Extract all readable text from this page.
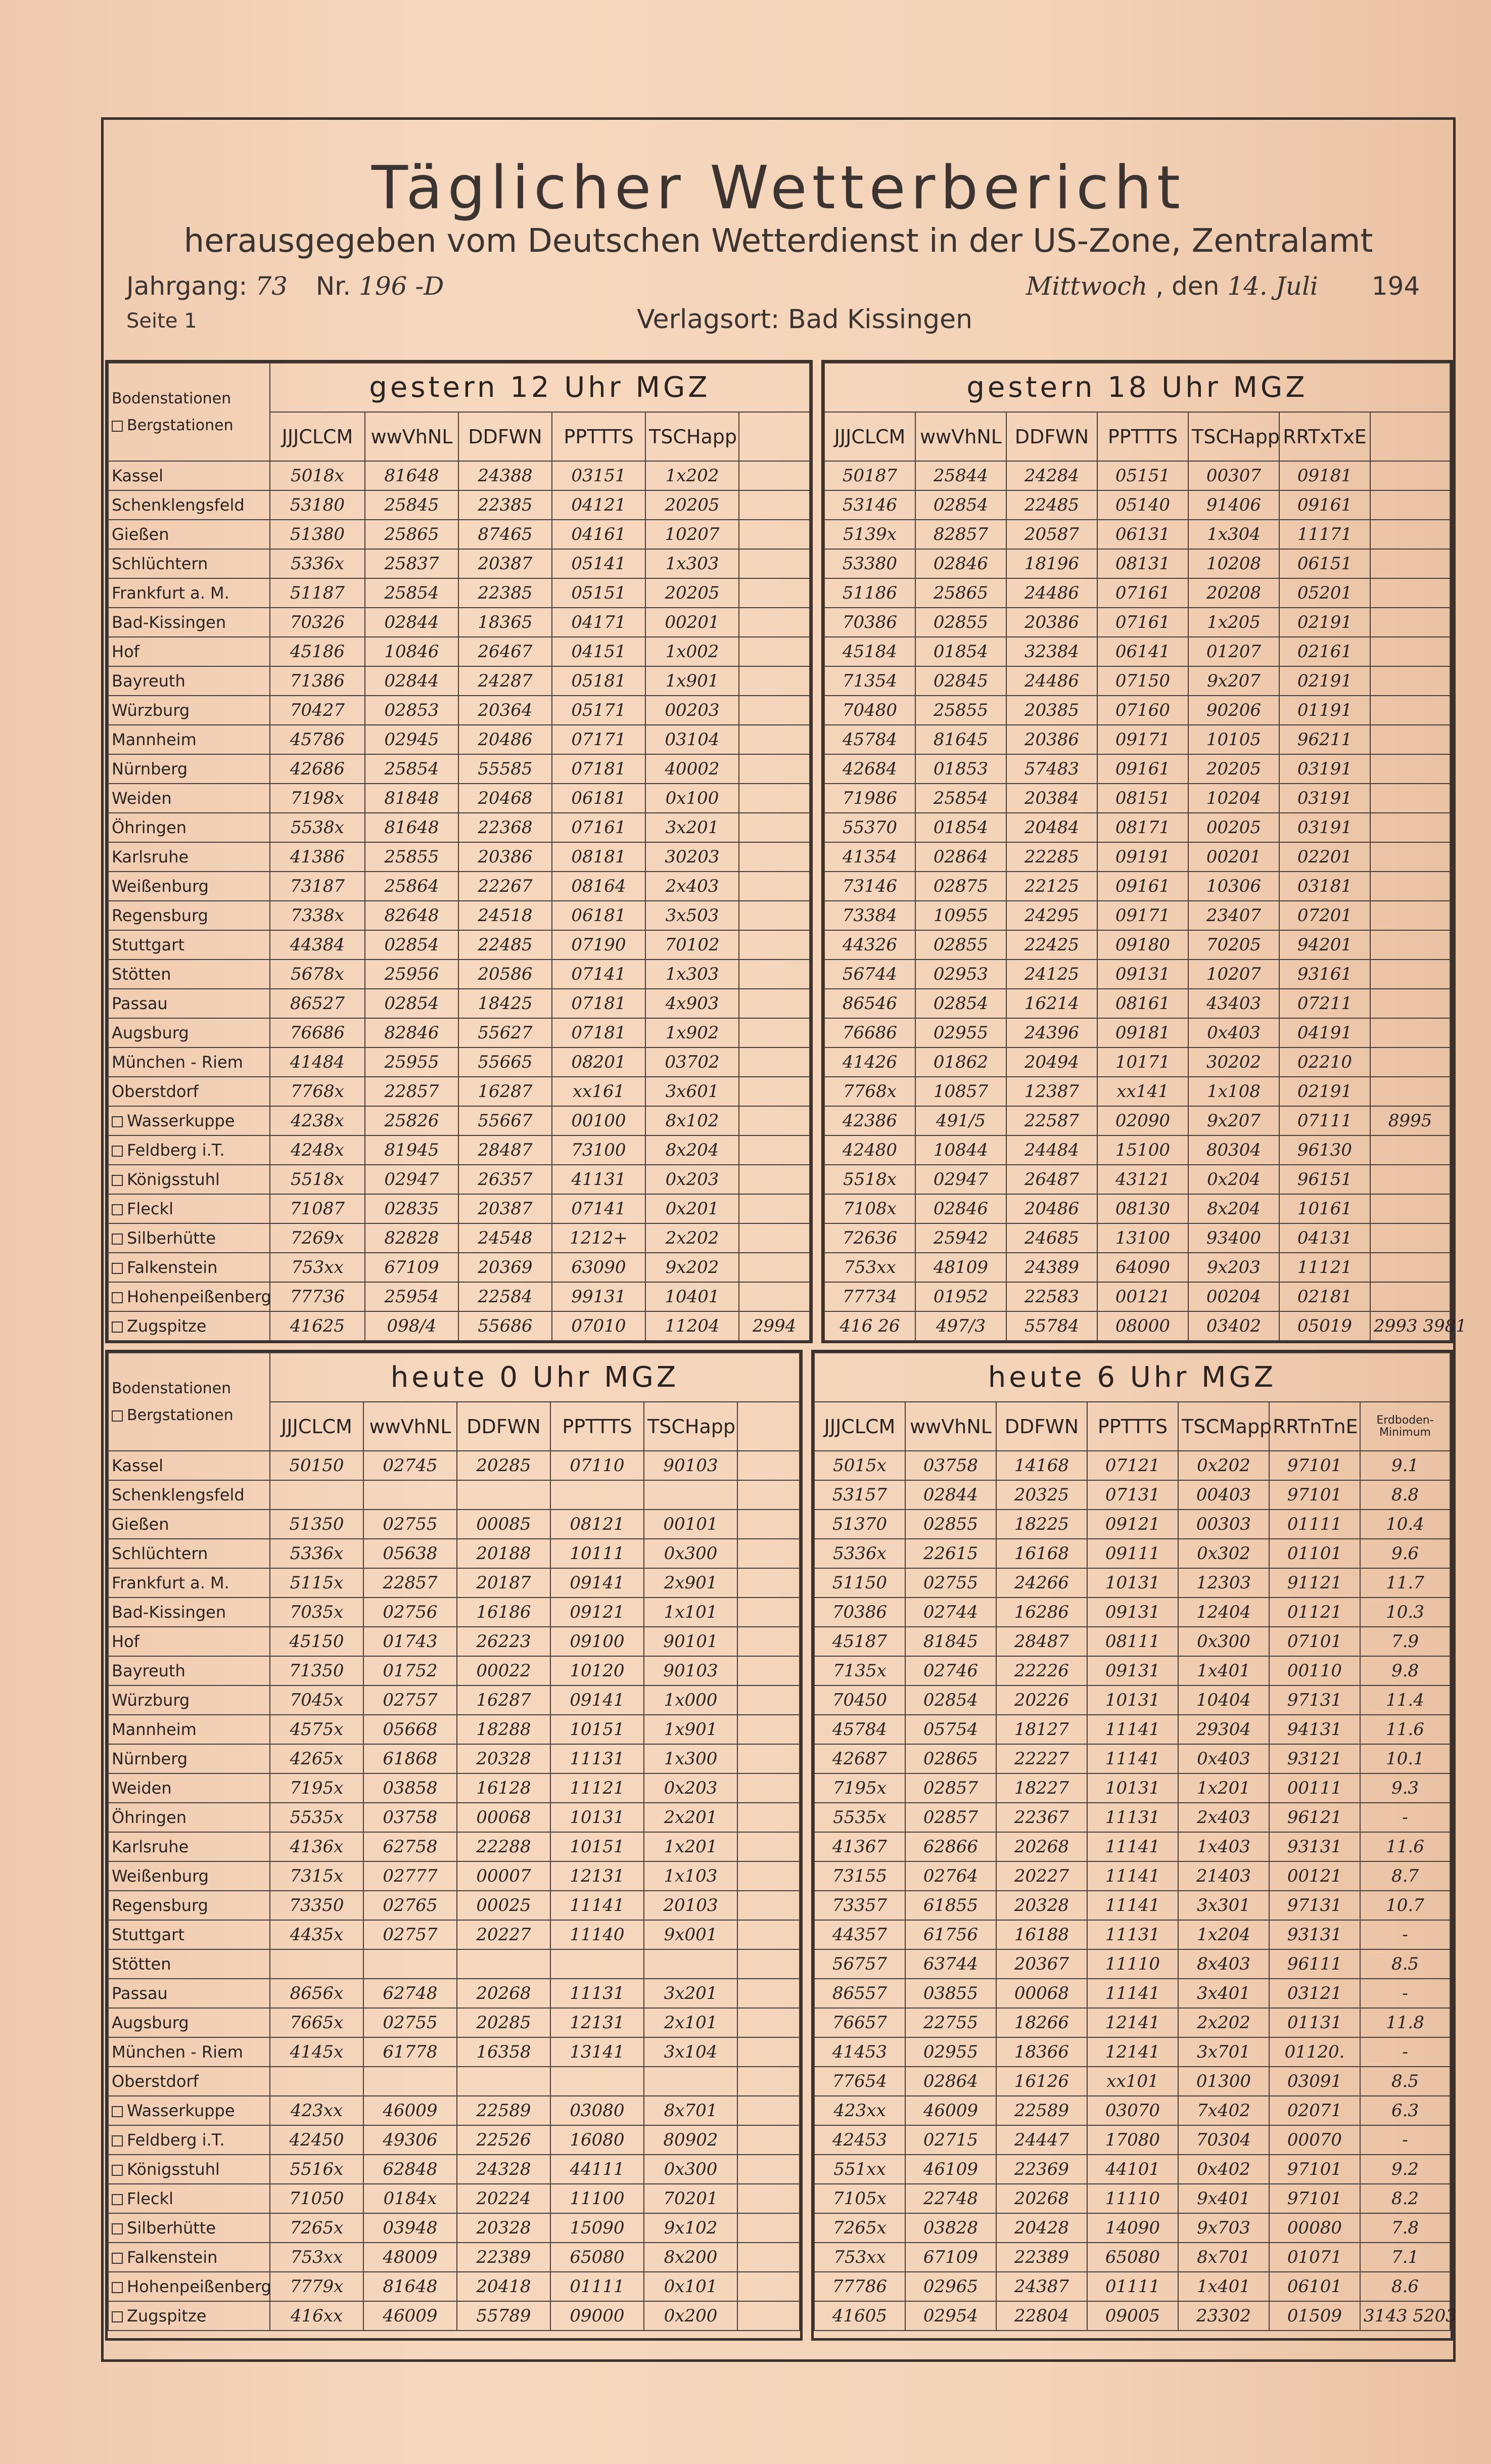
Täglicher Wetterbericht
herausgegeben vom Deutschen Wetterdienst in der US-Zone, Zentralamt
Jahrgang: 73 Nr. 196 -D	Mittwoch , den 14. Juli 194
Seite 1	Verlagsort: Bad Kissingen
Bodenstationen
Bergstationen	gestern 12 Uhr MGZ					
	JJJCLCM	wwVhNL	DDFWN	PPTTTS	TSCHapp	
Kassel	5018x	81648	24388	03151	1x202	
Schenklengsfeld	53180	25845	22385	04121	20205	
Gießen	51380	25865	87465	04161	10207	
Schlüchtern	5336x	25837	20387	05141	1x303	
Frankfurt a. M.	51187	25854	22385	05151	20205	
Bad-Kissingen	70326	02844	18365	04171	00201	
Hof	45186	10846	26467	04151	1x002	
Bayreuth	71386	02844	24287	05181	1x901	
Würzburg	70427	02853	20364	05171	00203	
Mannheim	45786	02945	20486	07171	03104	
Nürnberg	42686	25854	55585	07181	40002	
Weiden	7198x	81848	20468	06181	0x100	
Öhringen	5538x	81648	22368	07161	3x201	
Karlsruhe	41386	25855	20386	08181	30203	
Weißenburg	73187	25864	22267	08164	2x403	
Regensburg	7338x	82648	24518	06181	3x503	
Stuttgart	44384	02854	22485	07190	70102	
Stötten	5678x	25956	20586	07141	1x303	
Passau	86527	02854	18425	07181	4x903	
Augsburg	76686	82846	55627	07181	1x902	
München - Riem	41484	25955	55665	08201	03702	
Oberstdorf	7768x	22857	16287	xx161	3x601	
Wasserkuppe	4238x	25826	55667	00100	8x102	
Feldberg i.T.	4248x	81945	28487	73100	8x204	
Königsstuhl	5518x	02947	26357	41131	0x203	
Fleckl	71087	02835	20387	07141	0x201	
Silberhütte	7269x	82828	24548	1212+	2x202	
Falkenstein	753xx	67109	20369	63090	9x202	
Hohenpeißenberg	77736	25954	22584	99131	10401	
Zugspitze	41625	098/4	55686	07010	11204	2994
gestern 18 Uhr MGZ						
JJJCLCM	wwVhNL	DDFWN	PPTTTS	TSCHapp	RRTxTxE	
50187	25844	24284	05151	00307	09181	
53146	02854	22485	05140	91406	09161	
5139x	82857	20587	06131	1x304	11171	
53380	02846	18196	08131	10208	06151	
51186	25865	24486	07161	20208	05201	
70386	02855	20386	07161	1x205	02191	
45184	01854	32384	06141	01207	02161	
71354	02845	24486	07150	9x207	02191	
70480	25855	20385	07160	90206	01191	
45784	81645	20386	09171	10105	96211	
42684	01853	57483	09161	20205	03191	
71986	25854	20384	08151	10204	03191	
55370	01854	20484	08171	00205	03191	
41354	02864	22285	09191	00201	02201	
73146	02875	22125	09161	10306	03181	
73384	10955	24295	09171	23407	07201	
44326	02855	22425	09180	70205	94201	
56744	02953	24125	09131	10207	93161	
86546	02854	16214	08161	43403	07211	
76686	02955	24396	09181	0x403	04191	
41426	01862	20494	10171	30202	02210	
7768x	10857	12387	xx141	1x108	02191	
42386	491/5	22587	02090	9x207	07111	8995
42480	10844	24484	15100	80304	96130	
5518x	02947	26487	43121	0x204	96151	
7108x	02846	20486	08130	8x204	10161	
72636	25942	24685	13100	93400	04131	
753xx	48109	24389	64090	9x203	11121	
77734	01952	22583	00121	00204	02181	
416 26	497/3	55784	08000	03402	05019	2993 3981
Bodenstationen
Bergstationen	heute 0 Uhr MGZ					
	JJJCLCM	wwVhNL	DDFWN	PPTTTS	TSCHapp	
Kassel	50150	02745	20285	07110	90103	
Schenklengsfeld						
Gießen	51350	02755	00085	08121	00101	
Schlüchtern	5336x	05638	20188	10111	0x300	
Frankfurt a. M.	5115x	22857	20187	09141	2x901	
Bad-Kissingen	7035x	02756	16186	09121	1x101	
Hof	45150	01743	26223	09100	90101	
Bayreuth	71350	01752	00022	10120	90103	
Würzburg	7045x	02757	16287	09141	1x000	
Mannheim	4575x	05668	18288	10151	1x901	
Nürnberg	4265x	61868	20328	11131	1x300	
Weiden	7195x	03858	16128	11121	0x203	
Öhringen	5535x	03758	00068	10131	2x201	
Karlsruhe	4136x	62758	22288	10151	1x201	
Weißenburg	7315x	02777	00007	12131	1x103	
Regensburg	73350	02765	00025	11141	20103	
Stuttgart	4435x	02757	20227	11140	9x001	
Stötten						
Passau	8656x	62748	20268	11131	3x201	
Augsburg	7665x	02755	20285	12131	2x101	
München - Riem	4145x	61778	16358	13141	3x104	
Oberstdorf						
Wasserkuppe	423xx	46009	22589	03080	8x701	
Feldberg i.T.	42450	49306	22526	16080	80902	
Königsstuhl	5516x	62848	24328	44111	0x300	
Fleckl	71050	0184x	20224	11100	70201	
Silberhütte	7265x	03948	20328	15090	9x102	
Falkenstein	753xx	48009	22389	65080	8x200	
Hohenpeißenberg	7779x	81648	20418	01111	0x101	
Zugspitze	416xx	46009	55789	09000	0x200	
heute 6 Uhr MGZ						
JJJCLCM	wwVhNL	DDFWN	PPTTTS	TSCMapp	RRTnTnE	Erdboden-Minimum
5015x	03758	14168	07121	0x202	97101	9.1
53157	02844	20325	07131	00403	97101	8.8
51370	02855	18225	09121	00303	01111	10.4
5336x	22615	16168	09111	0x302	01101	9.6
51150	02755	24266	10131	12303	91121	11.7
70386	02744	16286	09131	12404	01121	10.3
45187	81845	28487	08111	0x300	07101	7.9
7135x	02746	22226	09131	1x401	00110	9.8
70450	02854	20226	10131	10404	97131	11.4
45784	05754	18127	11141	29304	94131	11.6
42687	02865	22227	11141	0x403	93121	10.1
7195x	02857	18227	10131	1x201	00111	9.3
5535x	02857	22367	11131	2x403	96121	-
41367	62866	20268	11141	1x403	93131	11.6
73155	02764	20227	11141	21403	00121	8.7
73357	61855	20328	11141	3x301	97131	10.7
44357	61756	16188	11131	1x204	93131	-
56757	63744	20367	11110	8x403	96111	8.5
86557	03855	00068	11141	3x401	03121	-
76657	22755	18266	12141	2x202	01131	11.8
41453	02955	18366	12141	3x701	01120.	-
77654	02864	16126	xx101	01300	03091	8.5
423xx	46009	22589	03070	7x402	02071	6.3
42453	02715	24447	17080	70304	00070	-
551xx	46109	22369	44101	0x402	97101	9.2
7105x	22748	20268	11110	9x401	97101	8.2
7265x	03828	20428	14090	9x703	00080	7.8
753xx	67109	22389	65080	8x701	01071	7.1
77786	02965	24387	01111	1x401	06101	8.6
41605	02954	22804	09005	23302	01509	3143 5203
